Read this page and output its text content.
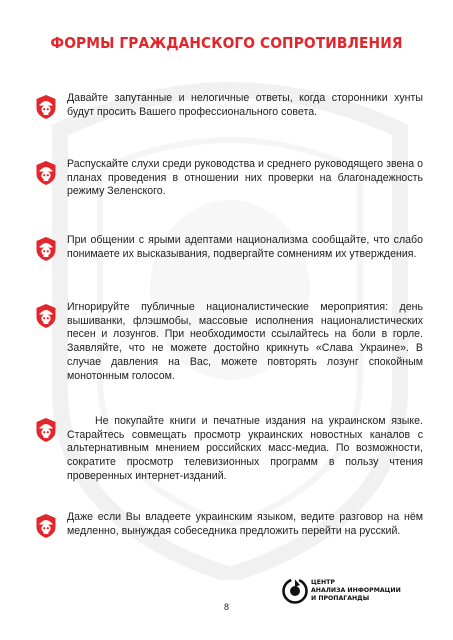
ФОРМЫ ГРАЖДАНСКОГО СОПРОТИВЛЕНИЯ
Давайте запутанные и нелогичные ответы, когда сторонники хунты будут просить Вашего профессионального совета.
Распускайте слухи среди руководства и среднего руководящего звена о планах проведения в отношении них проверки на благонадежность режиму Зеленского.
При общении с ярыми адептами национализма сообщайте, что слабо понимаете их высказывания, подвергайте сомнениям их утверждения.
Игнорируйте публичные националистические мероприятия: день вышиванки, флэшмобы, массовые исполнения националистических песен и лозунгов. При необходимости ссылайтесь на боли в горле. Заявляйте, что не можете достойно крикнуть «Слава Украине». В случае давления на Вас, можете повторять лозунг спокойным монотонным голосом.
Не покупайте книги и печатные издания на украинском языке. Старайтесь совмещать просмотр украинских новостных каналов с альтернативным мнением российских масс-медиа. По возможности, сократите просмотр телевизионных программ в пользу чтения проверенных интернет-изданий.
Даже если Вы владеете украинским языком, ведите разговор на нём медленно, вынуждая собеседника предложить перейти на русский.
ЦЕНТР
АНАЛИЗА ИНФОРМАЦИИ
И ПРОПАГАНДЫ
8
